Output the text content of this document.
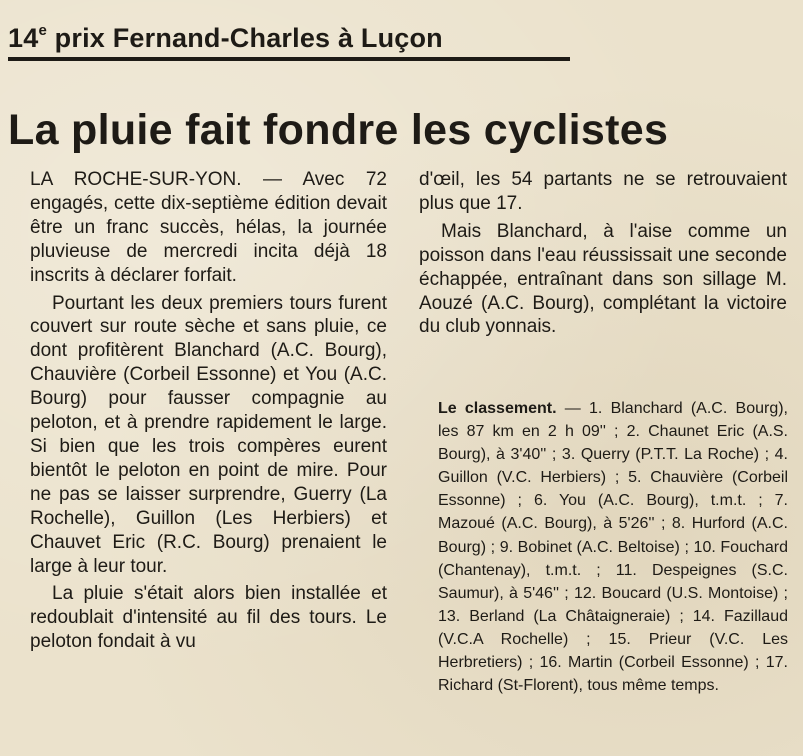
14e prix Fernand-Charles à Luçon
La pluie fait fondre les cyclistes

LA ROCHE-SUR-YON. — Avec 72 engagés, cette dix-septième édition devait être un franc succès, hélas, la journée pluvieuse de mercredi incita déjà 18 inscrits à déclarer forfait.

Pourtant les deux premiers tours furent couvert sur route sèche et sans pluie, ce dont profitèrent Blanchard (A.C. Bourg), Chauvière (Corbeil Essonne) et You (A.C. Bourg) pour fausser compagnie au peloton, et à prendre rapidement le large. Si bien que les trois compères eurent bientôt le peloton en point de mire. Pour ne pas se laisser surprendre, Guerry (La Rochelle), Guillon (Les Herbiers) et Chauvet Eric (R.C. Bourg) prenaient le large à leur tour.

La pluie s'était alors bien installée et redoublait d'intensité au fil des tours. Le peloton fondait à vu

d'œil, les 54 partants ne se retrouvaient plus que 17.

Mais Blanchard, à l'aise comme un poisson dans l'eau réussissait une seconde échappée, entraînant dans son sillage M. Aouzé (A.C. Bourg), complétant la victoire du club yonnais.

Le classement. — 1. Blanchard (A.C. Bourg), les 87 km en 2 h 09'' ; 2. Chaunet Eric (A.S. Bourg), à 3'40'' ; 3. Querry (P.T.T. La Roche) ; 4. Guillon (V.C. Herbiers) ; 5. Chauvière (Corbeil Essonne) ; 6. You (A.C. Bourg), t.m.t. ; 7. Mazoué (A.C. Bourg), à 5'26'' ; 8. Hurford (A.C. Bourg) ; 9. Bobinet (A.C. Beltoise) ; 10. Fouchard (Chantenay), t.m.t. ; 11. Despeignes (S.C. Saumur), à 5'46'' ; 12. Boucard (U.S. Montoise) ; 13. Berland (La Châtaigneraie) ; 14. Fazillaud (V.C.A Rochelle) ; 15. Prieur (V.C. Les Herbretiers) ; 16. Martin (Corbeil Essonne) ; 17. Richard (St-Florent), tous même temps.
